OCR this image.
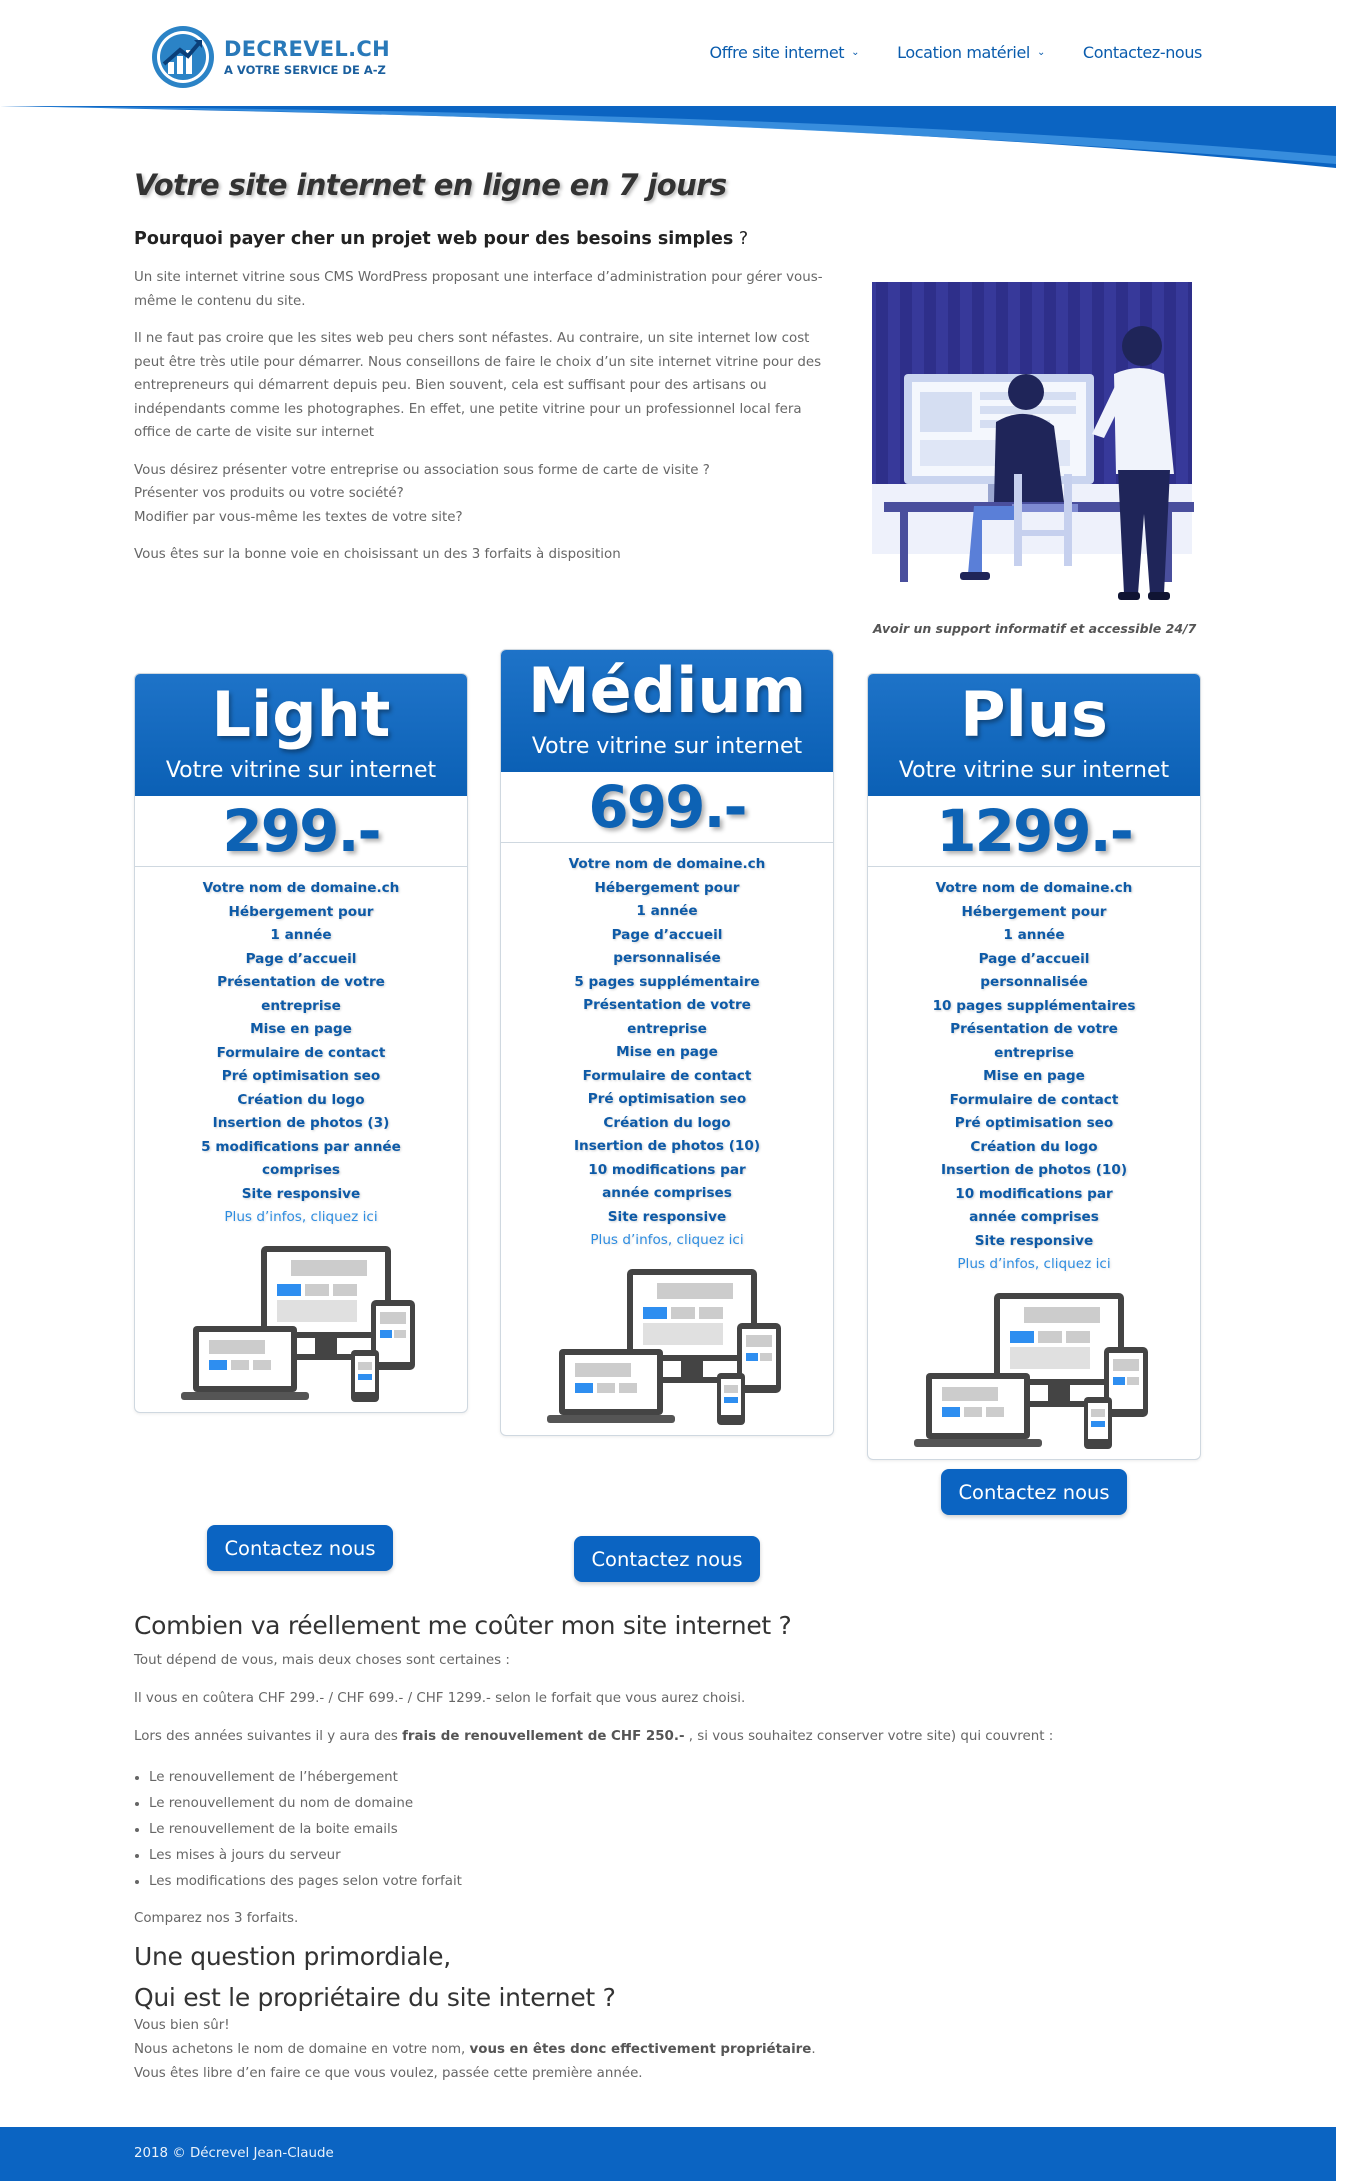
DECREVEL.CH
A VOTRE SERVICE DE A-Z
Offre site internet ⌄ Location matériel ⌄ Contactez-nous
Votre site internet en ligne en 7 jours
Pourquoi payer cher un projet web pour des besoins simples ?

Un site internet vitrine sous CMS WordPress proposant une interface d’administration pour gérer vous-même le contenu du site.

Il ne faut pas croire que les sites web peu chers sont néfastes. Au contraire, un site internet low cost peut être très utile pour démarrer. Nous conseillons de faire le choix d’un site internet vitrine pour des entrepreneurs qui démarrent depuis peu. Bien souvent, cela est suffisant pour des artisans ou indépendants comme les photographes. En effet, une petite vitrine pour un professionnel local fera office de carte de visite sur internet

Vous désirez présenter votre entreprise ou association sous forme de carte de visite ?
Présenter vos produits ou votre société?
Modifier par vous-même les textes de votre site?

Vous êtes sur la bonne voie en choisissant un des 3 forfaits à disposition

Avoir un support informatif et accessible 24/7
Light
Votre vitrine sur internet
299.-
Votre nom de domaine.ch
Hébergement pour
1 année
Page d’accueil
Présentation de votre
entreprise
Mise en page
Formulaire de contact
Pré optimisation seo
Création du logo
Insertion de photos (3)
5 modifications par année
comprises
Site responsive
Plus d’infos, cliquez ici
Médium
Votre vitrine sur internet
699.-
Votre nom de domaine.ch
Hébergement pour
1 année
Page d’accueil
personnalisée
5 pages supplémentaire
Présentation de votre
entreprise
Mise en page
Formulaire de contact
Pré optimisation seo
Création du logo
Insertion de photos (10)
10 modifications par
année comprises
Site responsive
Plus d’infos, cliquez ici
Plus
Votre vitrine sur internet
1299.-
Votre nom de domaine.ch
Hébergement pour
1 année
Page d’accueil
personnalisée
10 pages supplémentaires
Présentation de votre
entreprise
Mise en page
Formulaire de contact
Pré optimisation seo
Création du logo
Insertion de photos (10)
10 modifications par
année comprises
Site responsive
Plus d’infos, cliquez ici
Contactez nous	Contactez nous
Contactez nous
Combien va réellement me coûter mon site internet ?
Tout dépend de vous, mais deux choses sont certaines :
Il vous en coûtera CHF 299.- / CHF 699.- / CHF 1299.- selon le forfait que vous aurez choisi.
Lors des années suivantes il y aura des frais de renouvellement de CHF 250.- , si vous souhaitez conserver votre site) qui couvrent :
• Le renouvellement de l’hébergement
• Le renouvellement du nom de domaine
• Le renouvellement de la boite emails
• Les mises à jours du serveur
• Les modifications des pages selon votre forfait
Comparez nos 3 forfaits.
Une question primordiale,
Qui est le propriétaire du site internet ?
Vous bien sûr!
Nous achetons le nom de domaine en votre nom, vous en êtes donc effectivement propriétaire.
Vous êtes libre d’en faire ce que vous voulez, passée cette première année.
2018 © Décrevel Jean-Claude
